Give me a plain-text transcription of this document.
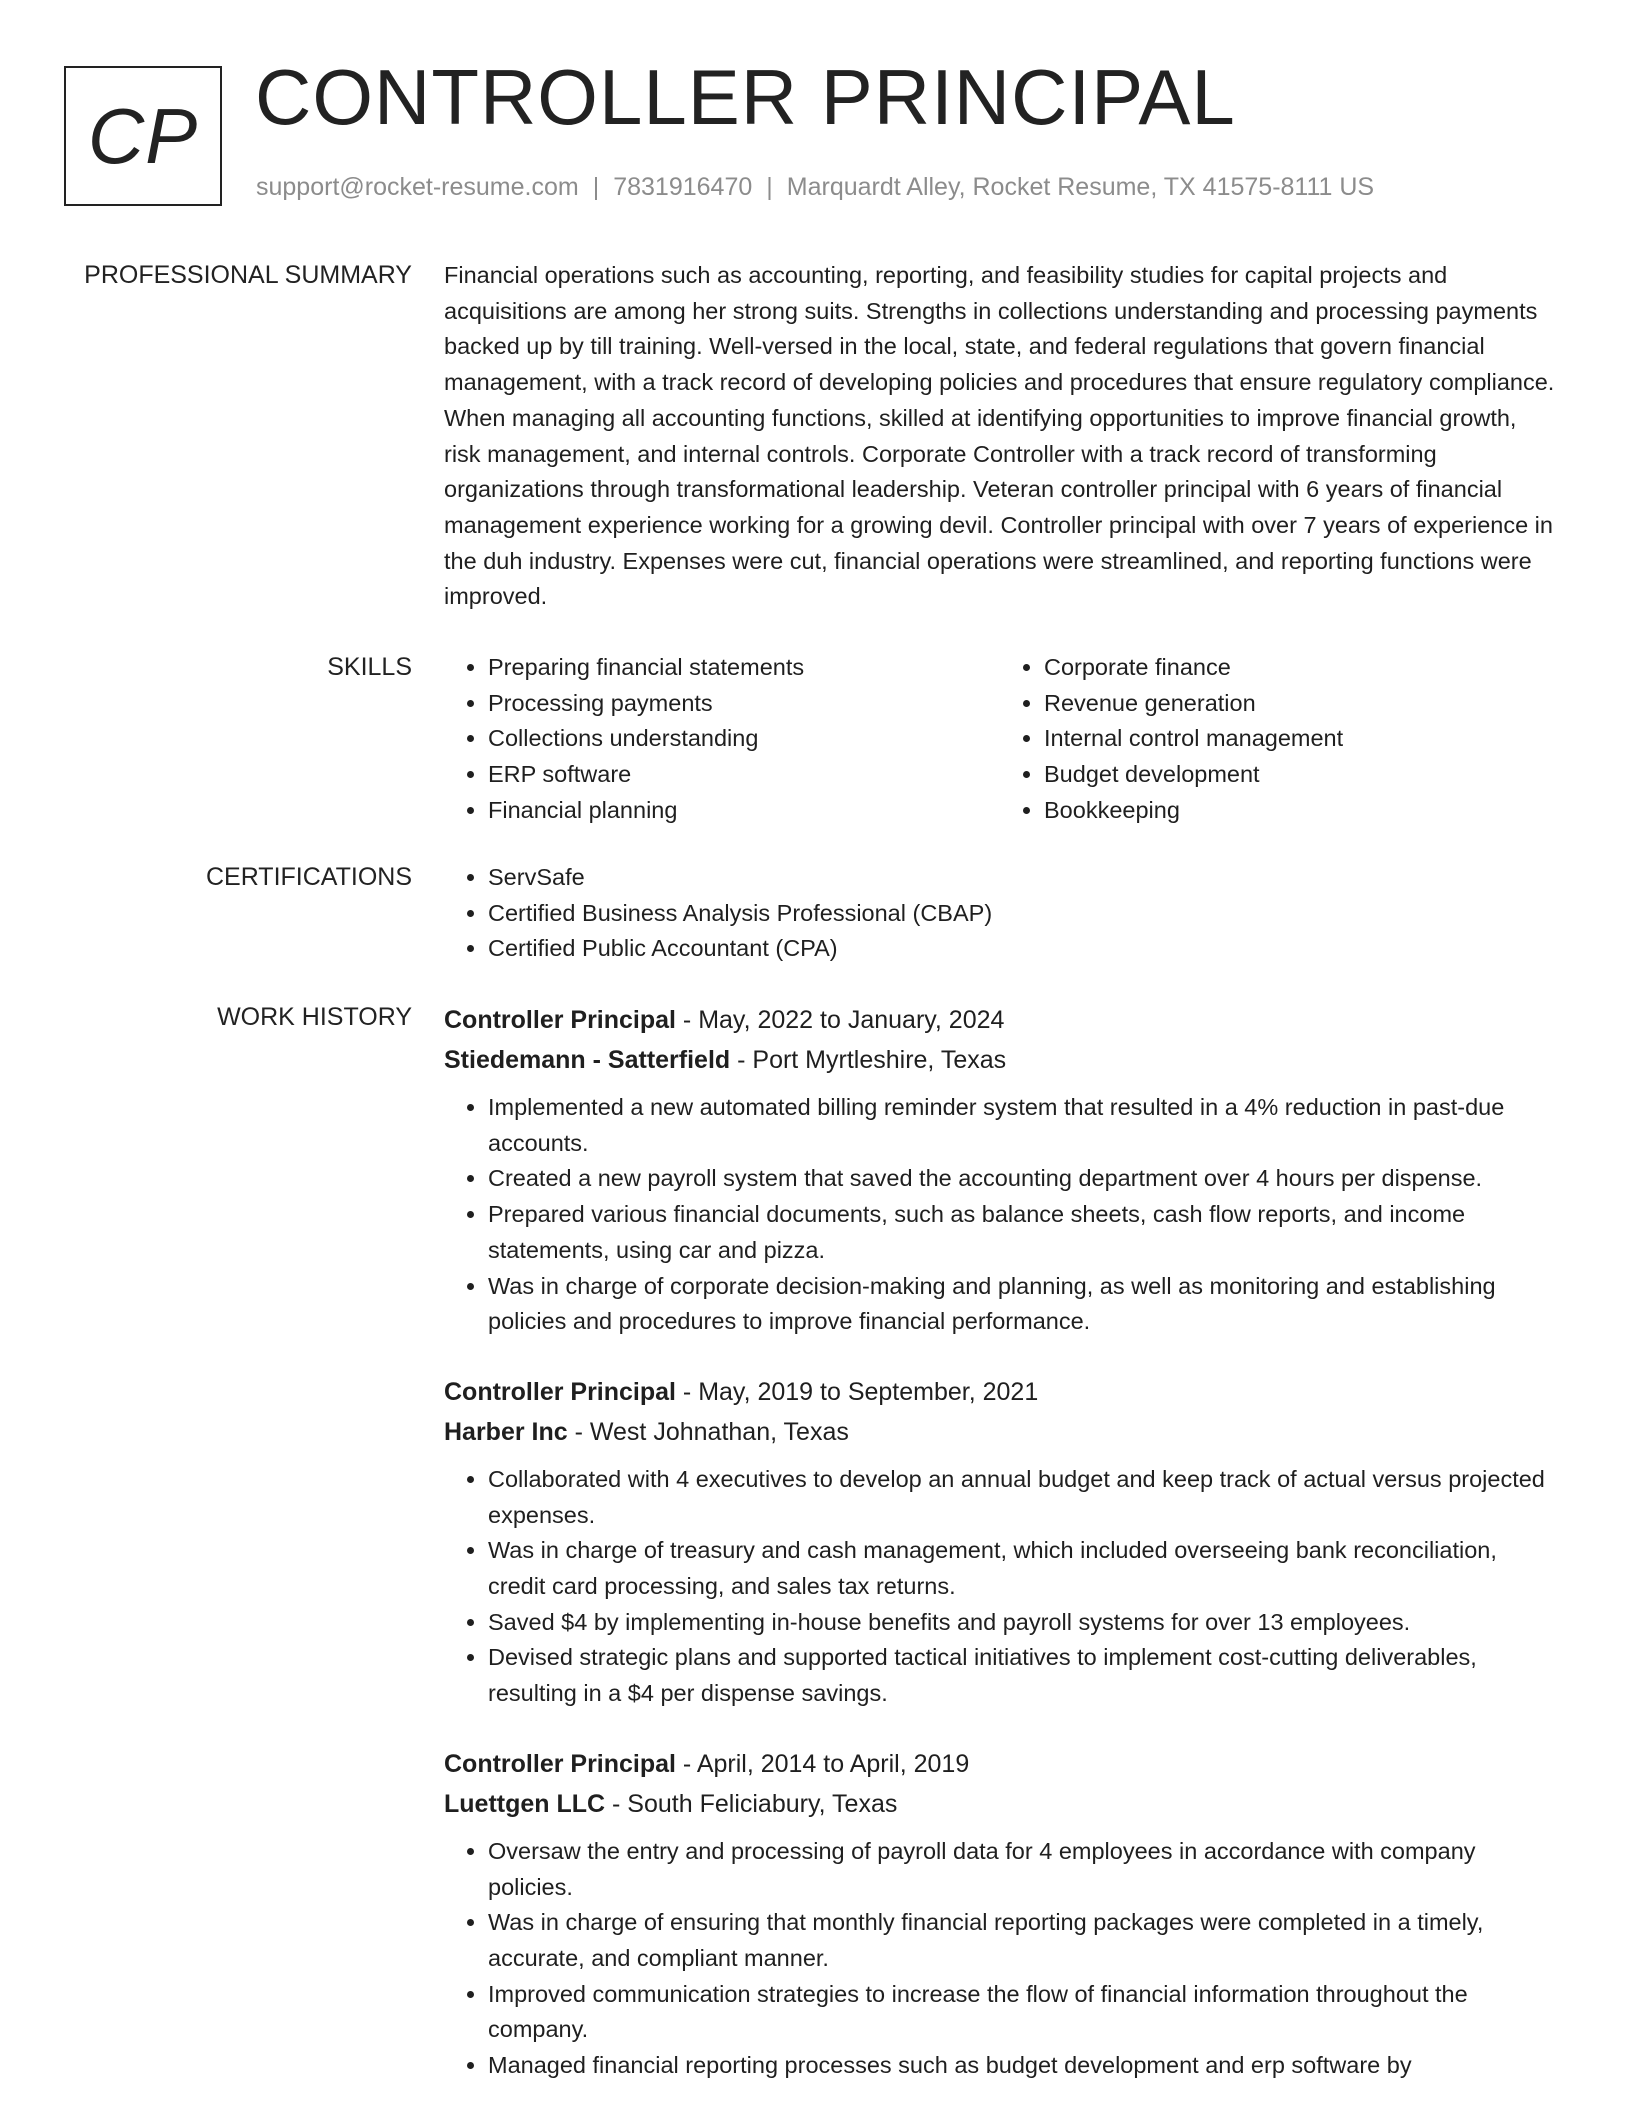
CP CONTROLLER PRINCIPAL
support@rocket-resume.com | 7831916470 | Marquardt Alley, Rocket Resume, TX 41575-8111 US
PROFESSIONAL SUMMARY Financial operations such as accounting, reporting, and feasibility studies for capital projects and acquisitions are among her strong suits. Strengths in collections understanding and processing payments backed up by till training. Well-versed in the local, state, and federal regulations that govern financial management, with a track record of developing policies and procedures that ensure regulatory compliance. When managing all accounting functions, skilled at identifying opportunities to improve financial growth, risk management, and internal controls. Corporate Controller with a track record of transforming organizations through transformational leadership. Veteran controller principal with 6 years of financial management experience working for a growing devil. Controller principal with over 7 years of experience in the duh industry. Expenses were cut, financial operations were streamlined, and reporting functions were improved.

SKILLS	• Preparing financial statements
• Processing payments
• Collections understanding
• ERP software
• Financial planning
• Corporate finance
• Revenue generation
• Internal control management
• Budget development
• Bookkeeping
CERTIFICATIONS	• ServSafe
• Certified Business Analysis Professional (CBAP)
• Certified Public Accountant (CPA)
WORK HISTORY Controller Principal - May, 2022 to January, 2024
Stiedemann - Satterfield - Port Myrtleshire, Texas
• Implemented a new automated billing reminder system that resulted in a 4% reduction in past-due accounts.
• Created a new payroll system that saved the accounting department over 4 hours per dispense.
• Prepared various financial documents, such as balance sheets, cash flow reports, and income statements, using car and pizza.
• Was in charge of corporate decision-making and planning, as well as monitoring and establishing policies and procedures to improve financial performance.
Controller Principal - May, 2019 to September, 2021
Harber Inc - West Johnathan, Texas
• Collaborated with 4 executives to develop an annual budget and keep track of actual versus projected expenses.
• Was in charge of treasury and cash management, which included overseeing bank reconciliation, credit card processing, and sales tax returns.
• Saved $4 by implementing in-house benefits and payroll systems for over 13 employees.
• Devised strategic plans and supported tactical initiatives to implement cost-cutting deliverables, resulting in a $4 per dispense savings.
Controller Principal - April, 2014 to April, 2019
Luettgen LLC - South Feliciabury, Texas
• Oversaw the entry and processing of payroll data for 4 employees in accordance with company policies.
• Was in charge of ensuring that monthly financial reporting packages were completed in a timely, accurate, and compliant manner.
• Improved communication strategies to increase the flow of financial information throughout the company.
• Managed financial reporting processes such as budget development and erp software by
